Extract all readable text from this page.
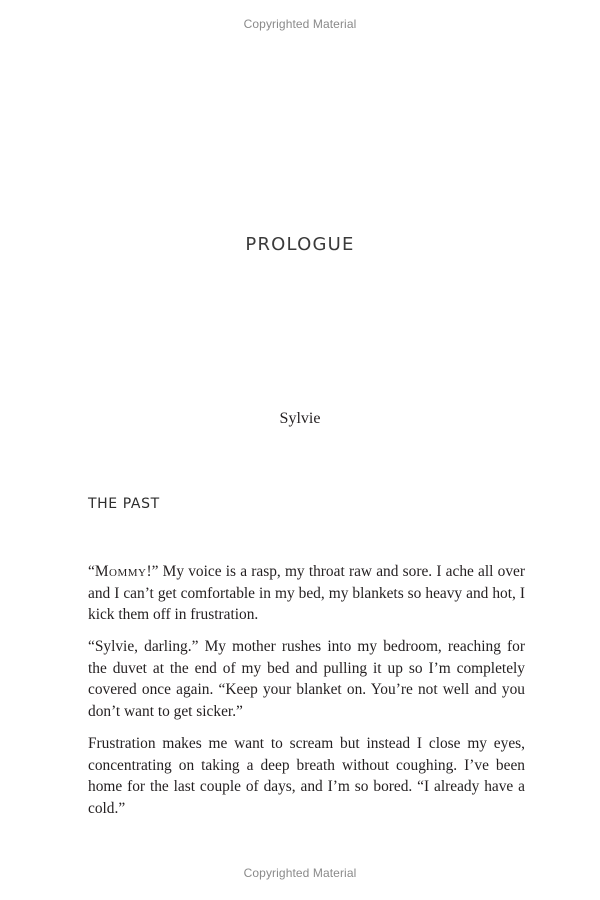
Copyrighted Material
PROLOGUE
Sylvie
THE PAST

“Mommy!” My voice is a rasp, my throat raw and sore. I ache all over and I can’t get comfortable in my bed, my blankets so heavy and hot, I kick them off in frustration.

“Sylvie, darling.” My mother rushes into my bedroom, reaching for the duvet at the end of my bed and pulling it up so I’m completely covered once again. “Keep your blanket on. You’re not well and you don’t want to get sicker.”

Frustration makes me want to scream but instead I close my eyes, concentrating on taking a deep breath without coughing. I’ve been home for the last couple of days, and I’m so bored. “I already have a cold.”

Copyrighted Material
